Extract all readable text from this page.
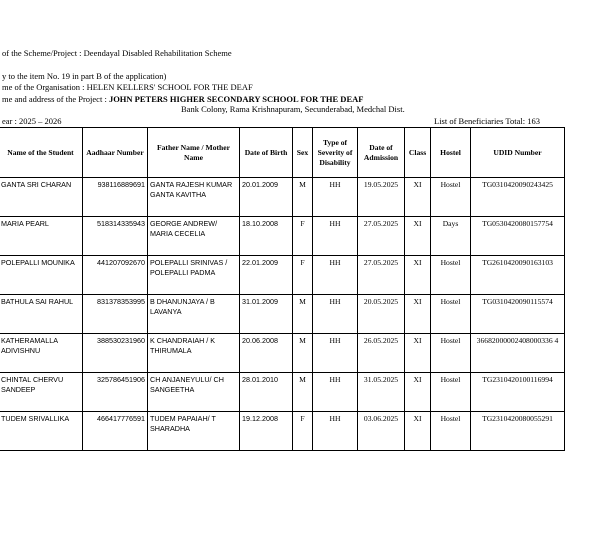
of the Scheme/Project : Deendayal Disabled Rehabilitation Scheme
y to the item No. 19 in part B of the application)
me of the Organisation : HELEN KELLERS' SCHOOL FOR THE DEAF
me and address of the Project : JOHN PETERS HIGHER SECONDARY SCHOOL FOR THE DEAF
Bank Colony, Rama Krishnapuram, Secunderabad, Medchal Dist.
ear : 2025 – 2026	List of Beneficiaries Total: 163
Name of the Student	Aadhaar Number	Father Name / Mother Name	Date of Birth	Sex	Type of Severity of Disability	Date of Admission	Class	Hostel	UDID Number
GANTA SRI CHARAN	938116889691	GANTA RAJESH KUMAR GANTA KAVITHA	20.01.2009	M	HH	19.05.2025	XI	Hostel	TG0310420090243425
MARIA PEARL	518314335943	GEORGE ANDREW/ MARIA CECELIA	18.10.2008	F	HH	27.05.2025	XI	Days	TG0530420080157754
POLEPALLI MOUNIKA	441207092670	POLEPALLI SRINIVAS / POLEPALLI PADMA	22.01.2009	F	HH	27.05.2025	XI	Hostel	TG2610420090163103
BATHULA SAI RAHUL	831378353995	B DHANUNJAYA / B LAVANYA	31.01.2009	M	HH	20.05.2025	XI	Hostel	TG0310420090115574
KATHERAMALLA ADIVISHNU	388530231960	K CHANDRAIAH / K THIRUMALA	20.06.2008	M	HH	26.05.2025	XI	Hostel	36682000002408000336 4
CHINTAL CHERVU SANDEEP	325786451906	CH ANJANEYULU/ CH SANGEETHA	28.01.2010	M	HH	31.05.2025	XI	Hostel	TG2310420100116994
TUDEM SRIVALLIKA	466417776591	TUDEM PAPAIAH/ T SHARADHA	19.12.2008	F	HH	03.06.2025	XI	Hostel	TG2310420080055291
